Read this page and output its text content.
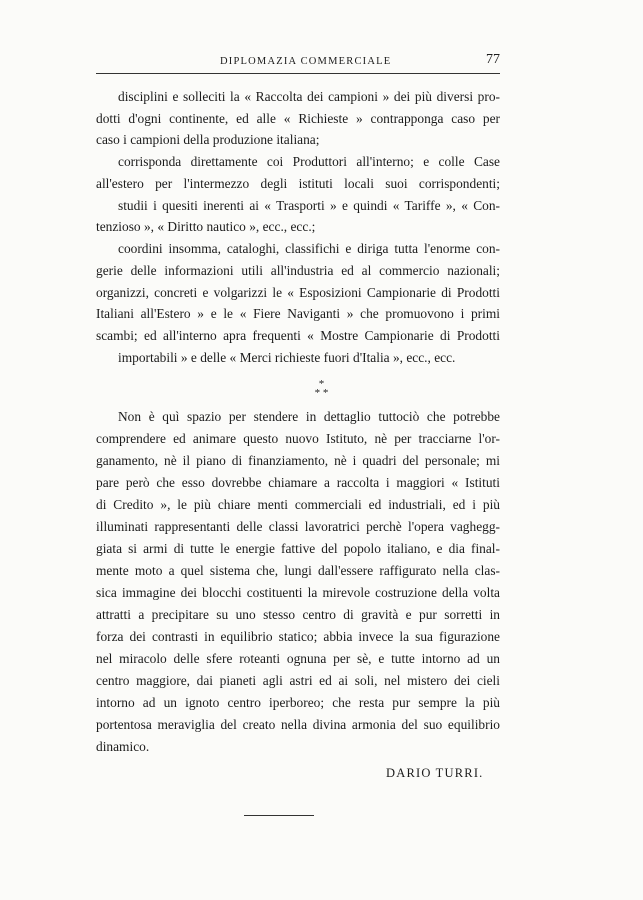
DIPLOMAZIA COMMERCIALE	77
disciplini e solleciti la « Raccolta dei campioni » dei più diversi pro-
dotti d'ogni continente, ed alle « Richieste » contrapponga caso per
caso i campioni della produzione italiana;
corrisponda direttamente coi Produttori all'interno; e colle Case
all'estero per l'intermezzo degli istituti locali suoi corrispondenti;
studii i quesiti inerenti ai « Trasporti » e quindi « Tariffe », « Con-
tenzioso », « Diritto nautico », ecc., ecc.;
coordini insomma, cataloghi, classifichi e diriga tutta l'enorme con-
gerie delle informazioni utili all'industria ed al commercio nazionali;
organizzi, concreti e volgarizzi le « Esposizioni Campionarie di Prodotti
Italiani all'Estero » e le « Fiere Naviganti » che promuovono i primi
scambi; ed all'interno apra frequenti « Mostre Campionarie di Prodotti
importabili » e delle « Merci richieste fuori d'Italia », ecc., ecc.
*
* *
Non è quì spazio per stendere in dettaglio tuttociò che potrebbe
comprendere ed animare questo nuovo Istituto, nè per tracciarne l'or-
ganamento, nè il piano di finanziamento, nè i quadri del personale; mi
pare però che esso dovrebbe chiamare a raccolta i maggiori « Istituti
di Credito », le più chiare menti commerciali ed industriali, ed i più
illuminati rappresentanti delle classi lavoratrici perchè l'opera vaghegg-
giata si armi di tutte le energie fattive del popolo italiano, e dia final-
mente moto a quel sistema che, lungi dall'essere raffigurato nella clas-
sica immagine dei blocchi costituenti la mirevole costruzione della volta
attratti a precipitare su uno stesso centro di gravità e pur sorretti in
forza dei contrasti in equilibrio statico; abbia invece la sua figurazione
nel miracolo delle sfere roteanti ognuna per sè, e tutte intorno ad un
centro maggiore, dai pianeti agli astri ed ai soli, nel mistero dei cieli
intorno ad un ignoto centro iperboreo; che resta pur sempre la più
portentosa meraviglia del creato nella divina armonia del suo equilibrio
dinamico.
DARIO TURRI.
